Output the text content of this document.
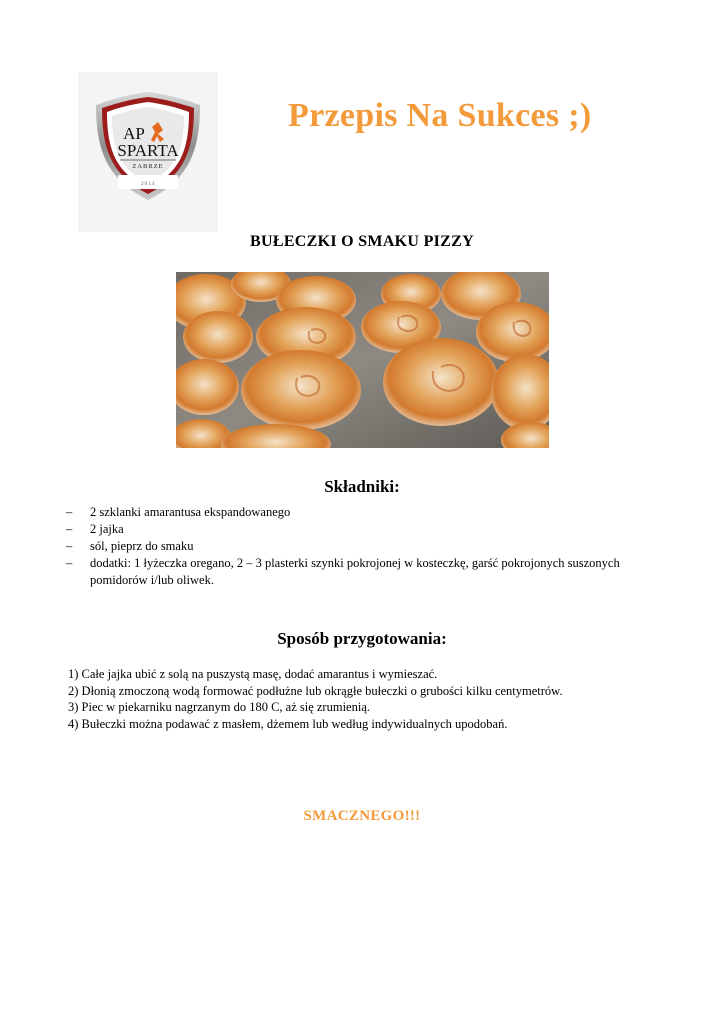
AP
SPARTA
ZABRZE
2014
Przepis Na Sukces ;)
BUŁECZKI O SMAKU PIZZY
Składniki:
– 2 szklanki amarantusa ekspandowanego
– 2 jajka
– sól, pieprz do smaku
– dodatki: 1 łyżeczka oregano, 2 – 3 plasterki szynki pokrojonej w kosteczkę, garść pokrojonych suszonych pomidorów i/lub oliwek.
Sposób przygotowania:
1) Całe jajka ubić z solą na puszystą masę, dodać amarantus i wymieszać.
2) Dłonią zmoczoną wodą formować podłużne lub okrągłe bułeczki o grubości kilku centymetrów.
3) Piec w piekarniku nagrzanym do 180 C, aż się zrumienią.
4) Bułeczki można podawać z masłem, dżemem lub według indywidualnych upodobań.
SMACZNEGO!!!
